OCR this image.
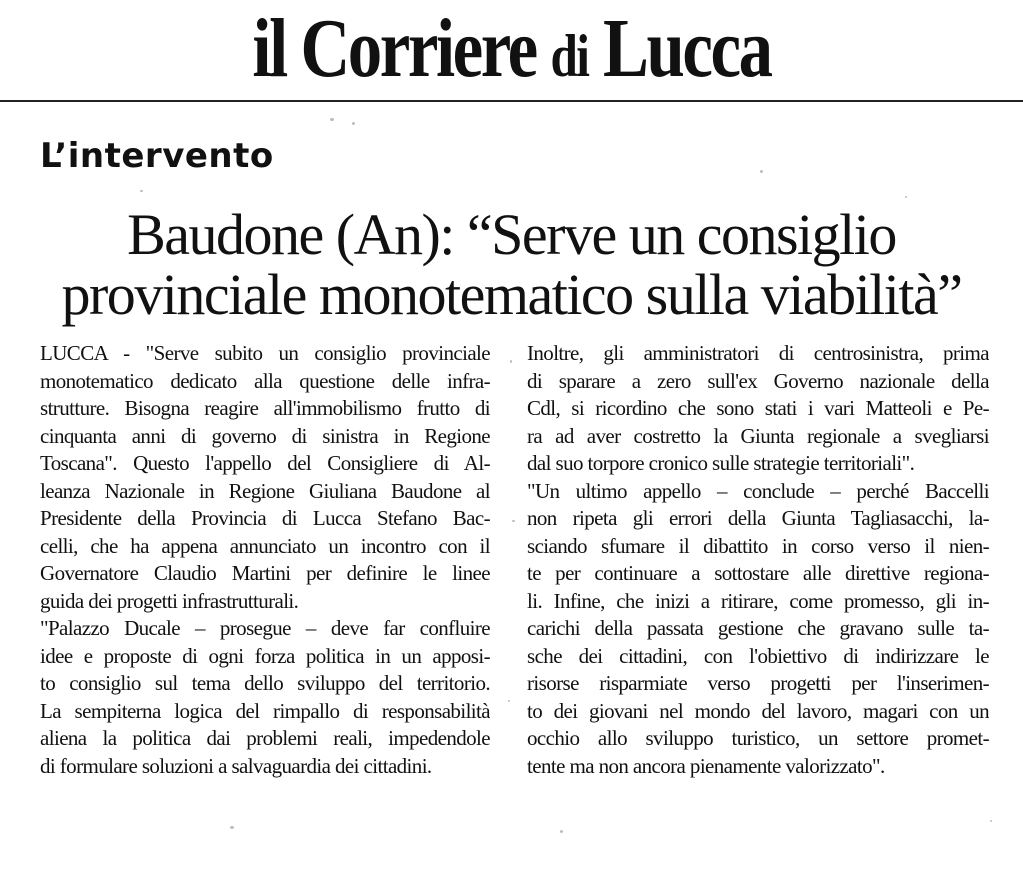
il Corriere di Lucca
L’intervento
Baudone (An): “Serve un consiglio
provinciale monotematico sulla viabilità”
LUCCA - "Serve subito un consiglio provinciale
monotematico dedicato alla questione delle infra-
strutture. Bisogna reagire all'immobilismo frutto di
cinquanta anni di governo di sinistra in Regione
Toscana". Questo l'appello del Consigliere di Al-
leanza Nazionale in Regione Giuliana Baudone al
Presidente della Provincia di Lucca Stefano Bac-
celli, che ha appena annunciato un incontro con il
Governatore Claudio Martini per definire le linee
guida dei progetti infrastrutturali.
"Palazzo Ducale – prosegue – deve far confluire
idee e proposte di ogni forza politica in un apposi-
to consiglio sul tema dello sviluppo del territorio.
La sempiterna logica del rimpallo di responsabilità
aliena la politica dai problemi reali, impedendole
di formulare soluzioni a salvaguardia dei cittadini.
Inoltre, gli amministratori di centrosinistra, prima
di sparare a zero sull'ex Governo nazionale della
Cdl, si ricordino che sono stati i vari Matteoli e Pe-
ra ad aver costretto la Giunta regionale a svegliarsi
dal suo torpore cronico sulle strategie territoriali".
"Un ultimo appello – conclude – perché Baccelli
non ripeta gli errori della Giunta Tagliasacchi, la-
sciando sfumare il dibattito in corso verso il nien-
te per continuare a sottostare alle direttive regiona-
li. Infine, che inizi a ritirare, come promesso, gli in-
carichi della passata gestione che gravano sulle ta-
sche dei cittadini, con l'obiettivo di indirizzare le
risorse risparmiate verso progetti per l'inserimen-
to dei giovani nel mondo del lavoro, magari con un
occhio allo sviluppo turistico, un settore promet-
tente ma non ancora pienamente valorizzato".
